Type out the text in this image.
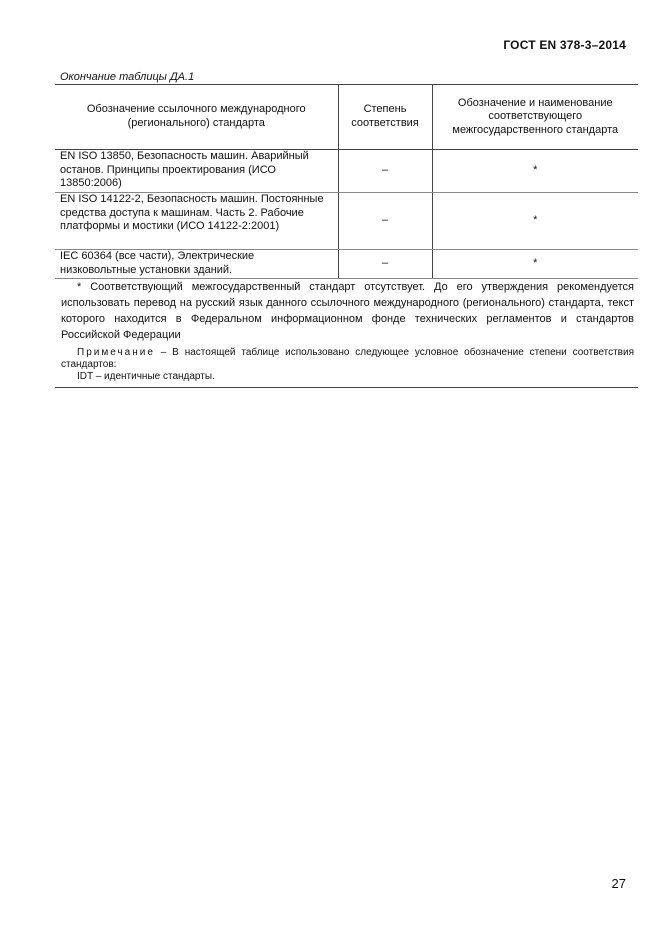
ГОСТ EN 378-3–2014
Окончание таблицы ДА.1
Обозначение ссылочного международного (регионального) стандарта	Степень соответствия	Обозначение и наименование соответствующего межгосударственного стандарта
EN ISO 13850, Безопасность машин. Аварийный останов. Принципы проектирования (ИСО 13850:2006)	–	*
EN ISO 14122-2, Безопасность машин. Постоянные средства доступа к машинам. Часть 2. Рабочие платформы и мостики (ИСО 14122-2:2001)	–	*
IEC 60364 (все части), Электрические низковольтные установки зданий.	–	*

* Соответствующий межгосударственный стандарт отсутствует. До его утверждения рекомендуется использовать перевод на русский язык данного ссылочного международного (регионального) стандарта, текст которого находится в Федеральном информационном фонде технических регламентов и стандартов Российской Федерации

Примечание – В настоящей таблице использовано следующее условное обозначение степени соответствия стандартов:

IDT – идентичные стандарты.

27
